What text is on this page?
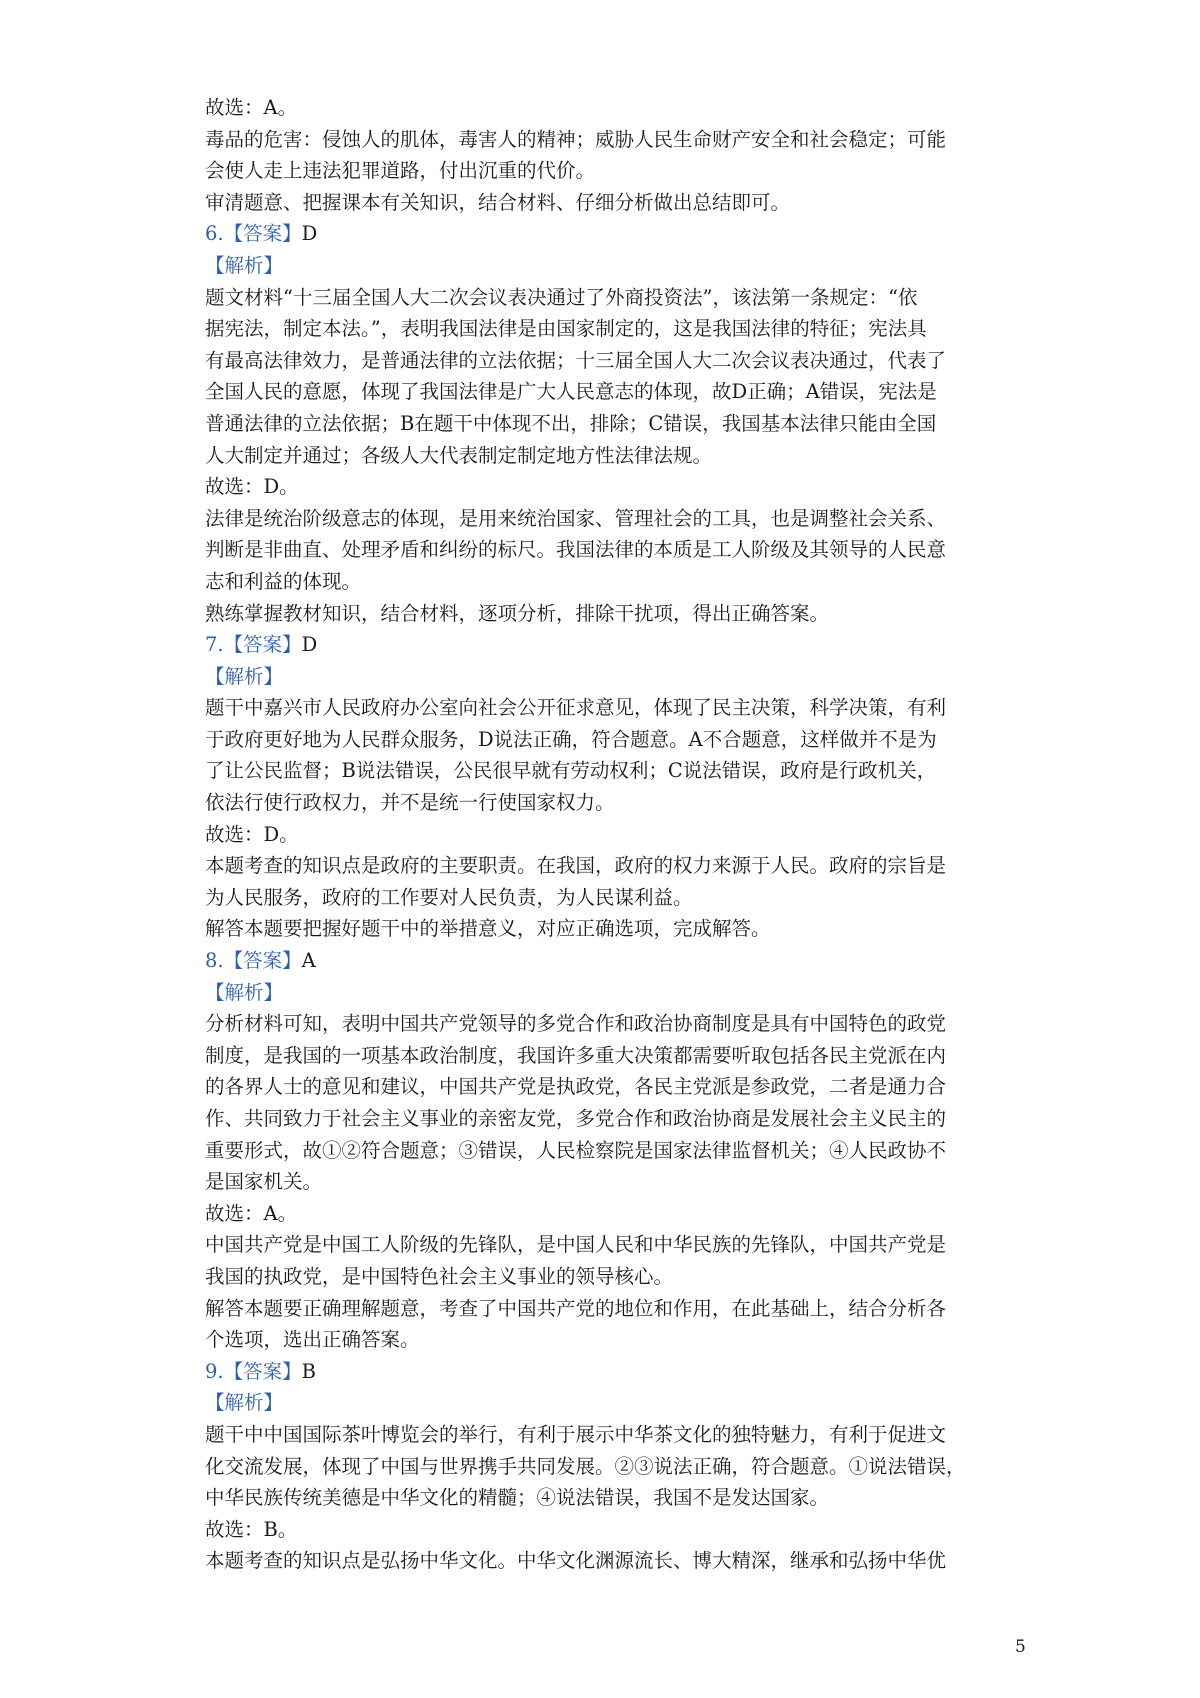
故选：A。
毒品的危害：侵蚀人的肌体，毒害人的精神；威胁人民生命财产安全和社会稳定；可能
会使人走上违法犯罪道路，付出沉重的代价。
审清题意、把握课本有关知识，结合材料、仔细分析做出总结即可。
6.【答案】D
【解析】
题文材料“十三届全国人大二次会议表决通过了外商投资法”，该法第一条规定：“依
据宪法，制定本法。”，表明我国法律是由国家制定的，这是我国法律的特征；宪法具
有最高法律效力，是普通法律的立法依据；十三届全国人大二次会议表决通过，代表了
全国人民的意愿，体现了我国法律是广大人民意志的体现，故D正确；A错误，宪法是
普通法律的立法依据；B在题干中体现不出，排除；C错误，我国基本法律只能由全国
人大制定并通过；各级人大代表制定制定地方性法律法规。
故选：D。
法律是统治阶级意志的体现，是用来统治国家、管理社会的工具，也是调整社会关系、
判断是非曲直、处理矛盾和纠纷的标尺。我国法律的本质是工人阶级及其领导的人民意
志和利益的体现。
熟练掌握教材知识，结合材料，逐项分析，排除干扰项，得出正确答案。
7.【答案】D
【解析】
题干中嘉兴市人民政府办公室向社会公开征求意见，体现了民主决策，科学决策，有利
于政府更好地为人民群众服务，D说法正确，符合题意。A不合题意，这样做并不是为
了让公民监督；B说法错误，公民很早就有劳动权利；C说法错误，政府是行政机关，
依法行使行政权力，并不是统一行使国家权力。
故选：D。
本题考查的知识点是政府的主要职责。在我国，政府的权力来源于人民。政府的宗旨是
为人民服务，政府的工作要对人民负责，为人民谋利益。
解答本题要把握好题干中的举措意义，对应正确选项，完成解答。
8.【答案】A
【解析】
分析材料可知，表明中国共产党领导的多党合作和政治协商制度是具有中国特色的政党
制度，是我国的一项基本政治制度，我国许多重大决策都需要听取包括各民主党派在内
的各界人士的意见和建议，中国共产党是执政党，各民主党派是参政党，二者是通力合
作、共同致力于社会主义事业的亲密友党，多党合作和政治协商是发展社会主义民主的
重要形式，故①②符合题意；③错误，人民检察院是国家法律监督机关；④人民政协不
是国家机关。
故选：A。
中国共产党是中国工人阶级的先锋队，是中国人民和中华民族的先锋队，中国共产党是
我国的执政党，是中国特色社会主义事业的领导核心。
解答本题要正确理解题意，考查了中国共产党的地位和作用，在此基础上，结合分析各
个选项，选出正确答案。
9.【答案】B
【解析】
题干中中国国际茶叶博览会的举行，有利于展示中华茶文化的独特魅力，有利于促进文
化交流发展，体现了中国与世界携手共同发展。②③说法正确，符合题意。①说法错误，
中华民族传统美德是中华文化的精髓；④说法错误，我国不是发达国家。
故选：B。
本题考查的知识点是弘扬中华文化。中华文化渊源流长、博大精深，继承和弘扬中华优
5
